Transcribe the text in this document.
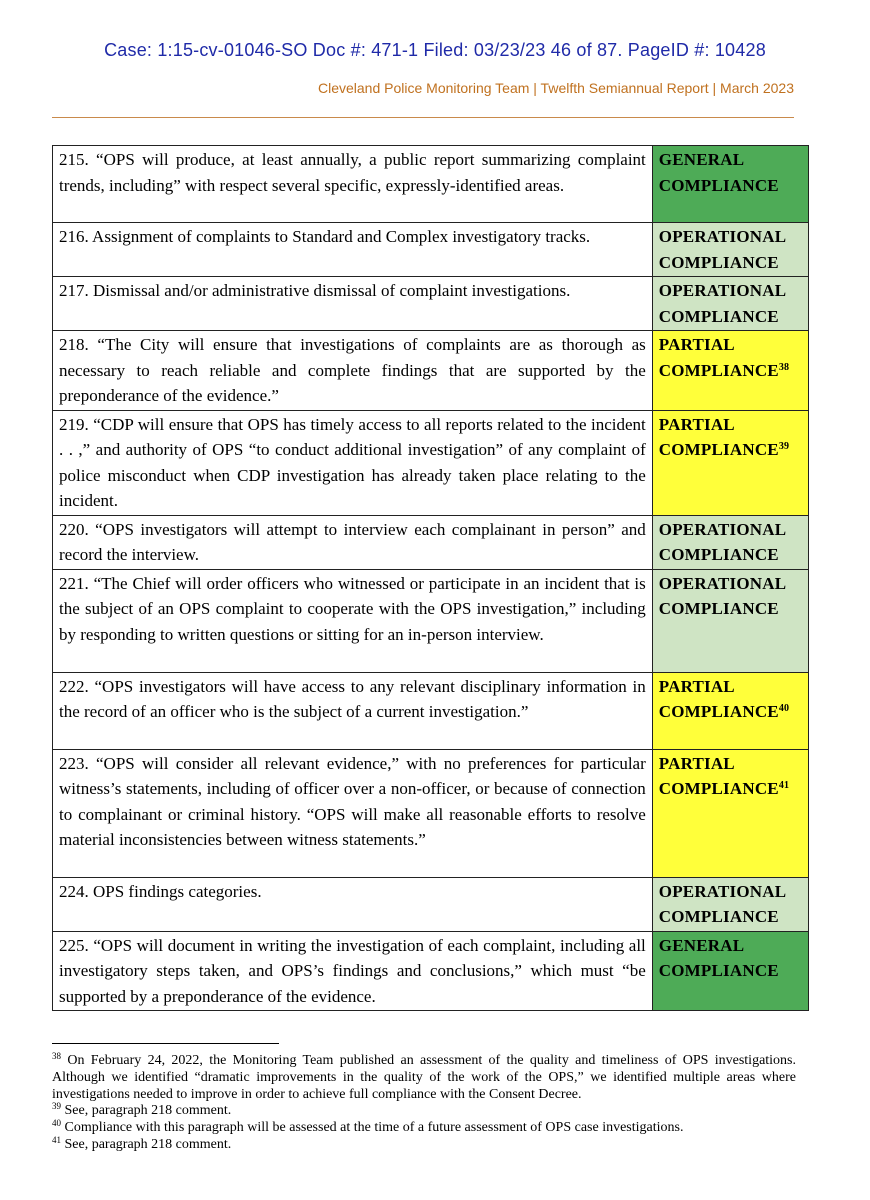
Case: 1:15-cv-01046-SO Doc #: 471-1 Filed: 03/23/23 46 of 87. PageID #: 10428
Cleveland Police Monitoring Team | Twelfth Semiannual Report | March 2023
215. “OPS will produce, at least annually, a public report summarizing complaint trends, including” with respect several specific, expressly-identified areas.	GENERAL
COMPLIANCE
216. Assignment of complaints to Standard and Complex investigatory tracks.	OPERATIONAL
COMPLIANCE
217. Dismissal and/or administrative dismissal of complaint investigations.	OPERATIONAL
COMPLIANCE
218. “The City will ensure that investigations of complaints are as thorough as necessary to reach reliable and complete findings that are supported by the preponderance of the evidence.”	PARTIAL
COMPLIANCE$^{38}$
219. “CDP will ensure that OPS has timely access to all reports related to the incident . . ,” and authority of OPS “to conduct additional investigation” of any complaint of police misconduct when CDP investigation has already taken place relating to the incident.	PARTIAL
COMPLIANCE$^{39}$
220. “OPS investigators will attempt to interview each complainant in person” and record the interview.	OPERATIONAL
COMPLIANCE
221. “The Chief will order officers who witnessed or participate in an incident that is the subject of an OPS complaint to cooperate with the OPS investigation,” including by responding to written questions or sitting for an in-person interview.	OPERATIONAL
COMPLIANCE
222. “OPS investigators will have access to any relevant disciplinary information in the record of an officer who is the subject of a current investigation.”	PARTIAL
COMPLIANCE$^{40}$
223. “OPS will consider all relevant evidence,” with no preferences for particular witness’s statements, including of officer over a non-officer, or because of connection to complainant or criminal history. “OPS will make all reasonable efforts to resolve material inconsistencies between witness statements.”	PARTIAL
COMPLIANCE$^{41}$
224. OPS findings categories.	OPERATIONAL
COMPLIANCE
225. “OPS will document in writing the investigation of each complaint, including all investigatory steps taken, and OPS’s findings and conclusions,” which must “be supported by a preponderance of the evidence.	GENERAL
COMPLIANCE

$^{38}$ On February 24, 2022, the Monitoring Team published an assessment of the quality and timeliness of OPS investigations. Although we identified “dramatic improvements in the quality of the work of the OPS,” we identified multiple areas where investigations needed to improve in order to achieve full compliance with the Consent Decree.

$^{39}$ See, paragraph 218 comment.

$^{40}$ Compliance with this paragraph will be assessed at the time of a future assessment of OPS case investigations.

$^{41}$ See, paragraph 218 comment.
